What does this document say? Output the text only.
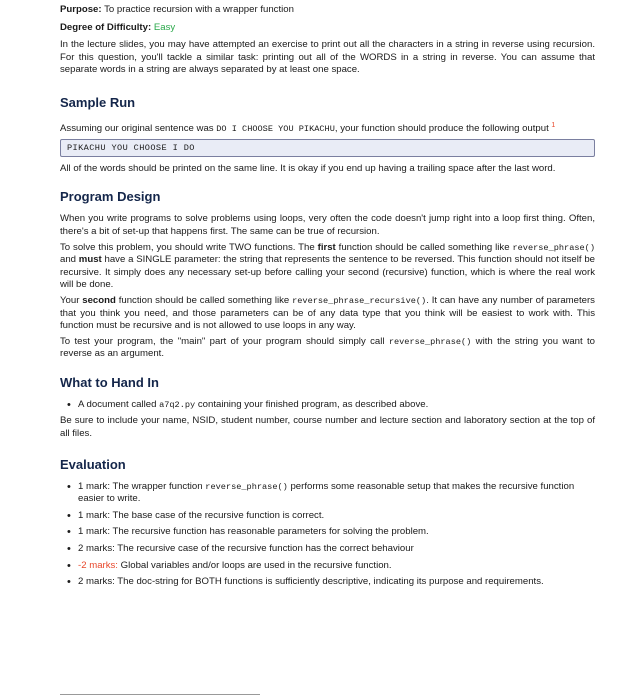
Purpose: To practice recursion with a wrapper function

Degree of Difficulty: Easy

In the lecture slides, you may have attempted an exercise to print out all the characters in a string in reverse using recursion. For this question, you'll tackle a similar task: printing out all of the WORDS in a string in reverse. You can assume that separate words in a string are always separated by at least one space.

Sample Run

Assuming our original sentence was DO I CHOOSE YOU PIKACHU, your function should produce the following output $^1$

PIKACHU YOU CHOOSE I DO

All of the words should be printed on the same line. It is okay if you end up having a trailing space after the last word.

Program Design

When you write programs to solve problems using loops, very often the code doesn't jump right into a loop first thing. Often, there's a bit of set-up that happens first. The same can be true of recursion.

To solve this problem, you should write TWO functions. The first function should be called something like reverse_phrase() and must have a SINGLE parameter: the string that represents the sentence to be reversed. This function should not itself be recursive. It simply does any necessary set-up before calling your second (recursive) function, which is where the real work will be done.

Your second function should be called something like reverse_phrase_recursive(). It can have any number of parameters that you think you need, and those parameters can be of any data type that you think will be easiest to work with. This function must be recursive and is not allowed to use loops in any way.

To test your program, the "main" part of your program should simply call reverse_phrase() with the string you want to reverse as an argument.

What to Hand In
• A document called a7q2.py containing your finished program, as described above.

Be sure to include your name, NSID, student number, course number and lecture section and laboratory section at the top of all files.

Evaluation
• 1 mark: The wrapper function reverse_phrase() performs some reasonable setup that makes the recursive function easier to write.
• 1 mark: The base case of the recursive function is correct.
• 1 mark: The recursive function has reasonable parameters for solving the problem.
• 2 marks: The recursive case of the recursive function has the correct behaviour
• -2 marks: Global variables and/or loops are used in the recursive function.
• 2 marks: The doc-string for BOTH functions is sufficiently descriptive, indicating its purpose and requirements.
